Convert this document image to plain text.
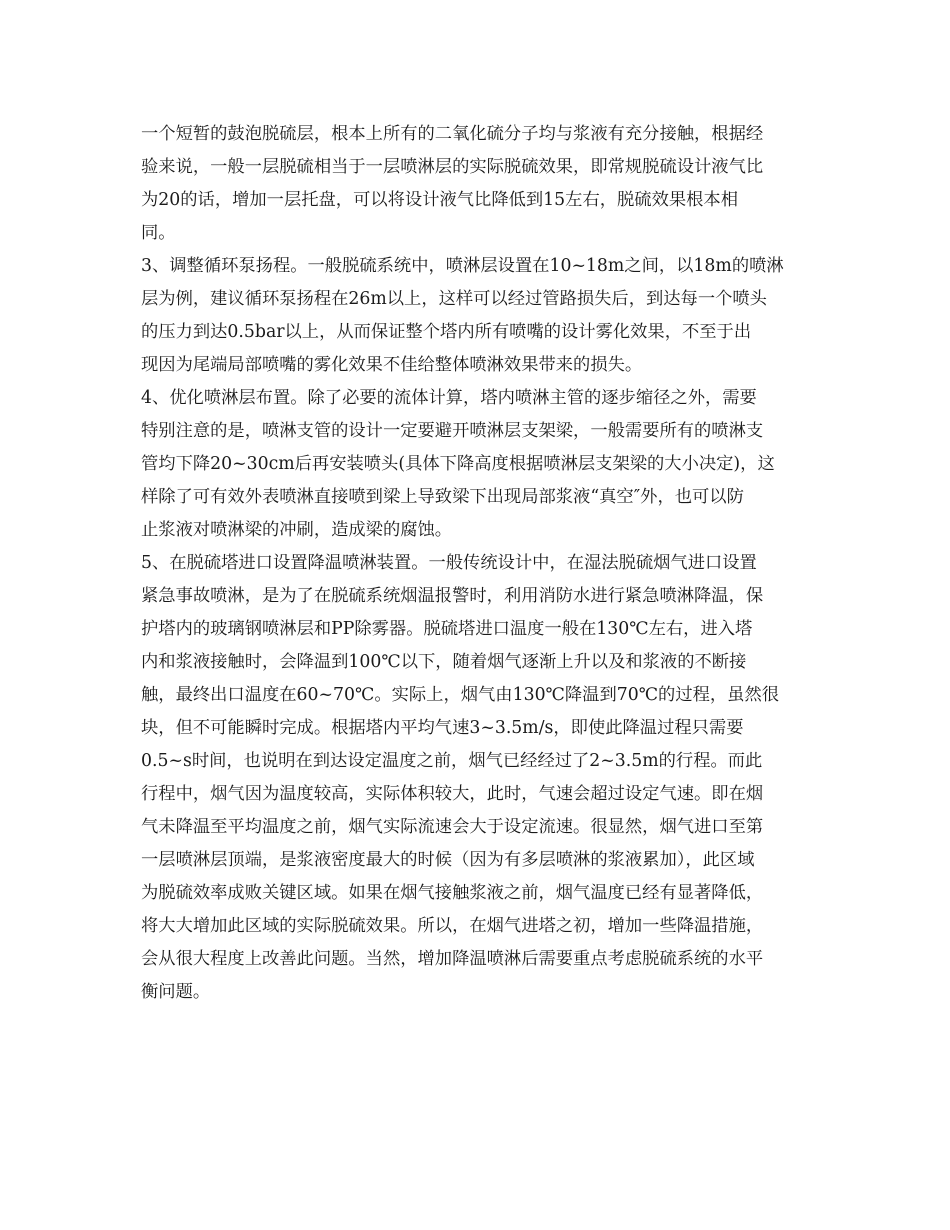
一个短暂的鼓泡脱硫层，根本上所有的二氧化硫分子均与浆液有充分接触，根据经
验来说，一般一层脱硫相当于一层喷淋层的实际脱硫效果，即常规脱硫设计液气比
为20的话，增加一层托盘，可以将设计液气比降低到15左右，脱硫效果根本相
同。
3、调整循环泵扬程。一般脱硫系统中，喷淋层设置在10~18m之间，以18m的喷淋
层为例，建议循环泵扬程在26m以上，这样可以经过管路损失后，到达每一个喷头
的压力到达0.5bar以上，从而保证整个塔内所有喷嘴的设计雾化效果，不至于出
现因为尾端局部喷嘴的雾化效果不佳给整体喷淋效果带来的损失。
4、优化喷淋层布置。除了必要的流体计算，塔内喷淋主管的逐步缩径之外，需要
特别注意的是，喷淋支管的设计一定要避开喷淋层支架梁，一般需要所有的喷淋支
管均下降20~30cm后再安装喷头(具体下降高度根据喷淋层支架梁的大小决定)，这
样除了可有效外表喷淋直接喷到梁上导致梁下出现局部浆液“真空″外，也可以防
止浆液对喷淋梁的冲刷，造成梁的腐蚀。
5、在脱硫塔进口设置降温喷淋装置。一般传统设计中，在湿法脱硫烟气进口设置
紧急事故喷淋，是为了在脱硫系统烟温报警时，利用消防水进行紧急喷淋降温，保
护塔内的玻璃钢喷淋层和PP除雾器。脱硫塔进口温度一般在130℃左右，进入塔
内和浆液接触时，会降温到100℃以下，随着烟气逐渐上升以及和浆液的不断接
触，最终出口温度在60~70℃。实际上，烟气由130℃降温到70℃的过程，虽然很
块，但不可能瞬时完成。根据塔内平均气速3~3.5m/s，即使此降温过程只需要
0.5~s时间，也说明在到达设定温度之前，烟气已经经过了2~3.5m的行程。而此
行程中，烟气因为温度较高，实际体积较大，此时，气速会超过设定气速。即在烟
气未降温至平均温度之前，烟气实际流速会大于设定流速。很显然，烟气进口至第
一层喷淋层顶端，是浆液密度最大的时候（因为有多层喷淋的浆液累加），此区域
为脱硫效率成败关键区域。如果在烟气接触浆液之前，烟气温度已经有显著降低，
将大大增加此区域的实际脱硫效果。所以，在烟气进塔之初，增加一些降温措施，
会从很大程度上改善此问题。当然，增加降温喷淋后需要重点考虑脱硫系统的水平
衡问题。
